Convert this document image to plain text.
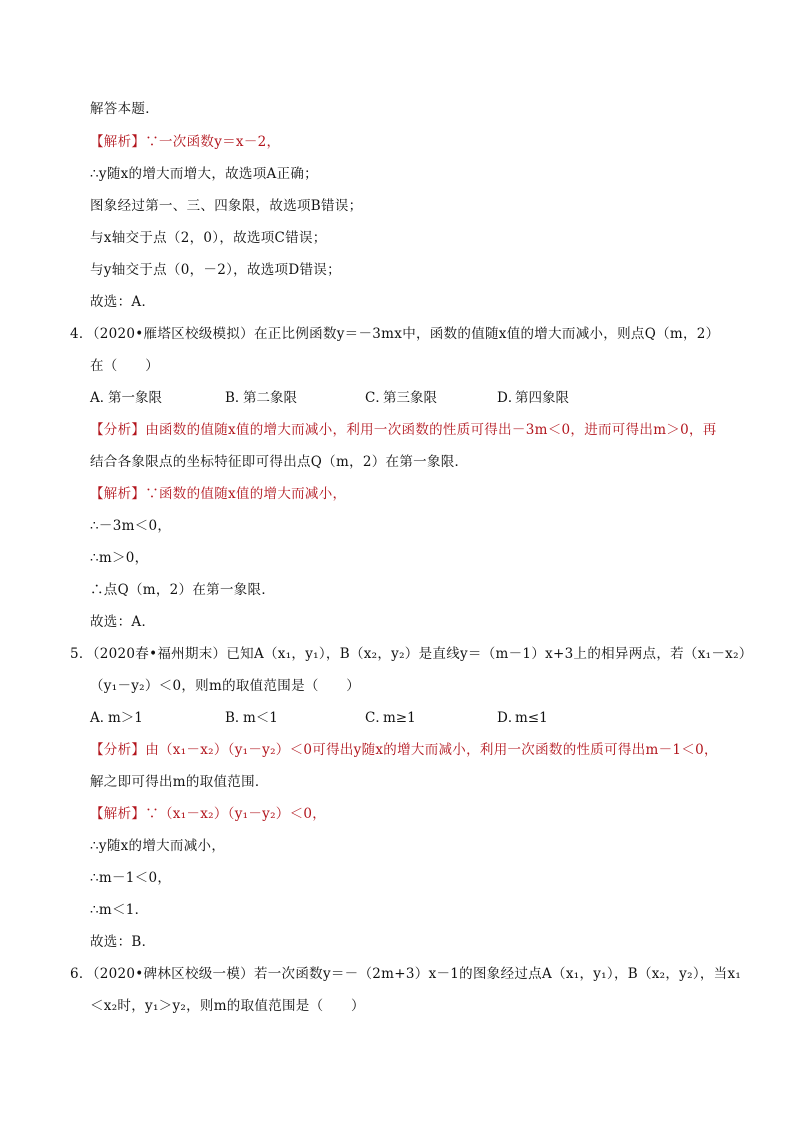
解答本题．
【解析】∵一次函数y＝x－2，
∴y随x的增大而增大，故选项A正确；
图象经过第一、三、四象限，故选项B错误；
与x轴交于点（2，0），故选项C错误；
与y轴交于点（0，－2），故选项D错误；
故选：A．
4．（2020•雁塔区校级模拟）在正比例函数y＝－3mx中，函数的值随x值的增大而减小，则点Q（m，2）
在（　　）
【分析】由函数的值随x值的增大而减小，利用一次函数的性质可得出－3m＜0，进而可得出m＞0，再
结合各象限点的坐标特征即可得出点Q（m，2）在第一象限．
【解析】∵函数的值随x值的增大而减小，
∴－3m＜0，
∴m＞0，
∴点Q（m，2）在第一象限．
故选：A．
5．（2020春•福州期末）已知A（x₁，y₁），B（x₂，y₂）是直线y＝（m－1）x+3上的相异两点，若（x₁－x₂）
（y₁－y₂）＜0，则m的取值范围是（　　）
【分析】由（x₁－x₂）（y₁－y₂）＜0可得出y随x的增大而减小，利用一次函数的性质可得出m－1＜0，
解之即可得出m的取值范围．
【解析】∵（x₁－x₂）（y₁－y₂）＜0，
∴y随x的增大而减小，
∴m－1＜0，
∴m＜1．
故选：B．
6．（2020•碑林区校级一模）若一次函数y＝－（2m+3）x－1的图象经过点A（x₁，y₁），B（x₂，y₂），当x₁
＜x₂时，y₁＞y₂，则m的取值范围是（　　）
A．
第一象限	B．
第二象限	C．
第三象限	D．
第四象限
A．
m＞1	B．
m＜1	C．
m≥1	D．
m≤1
